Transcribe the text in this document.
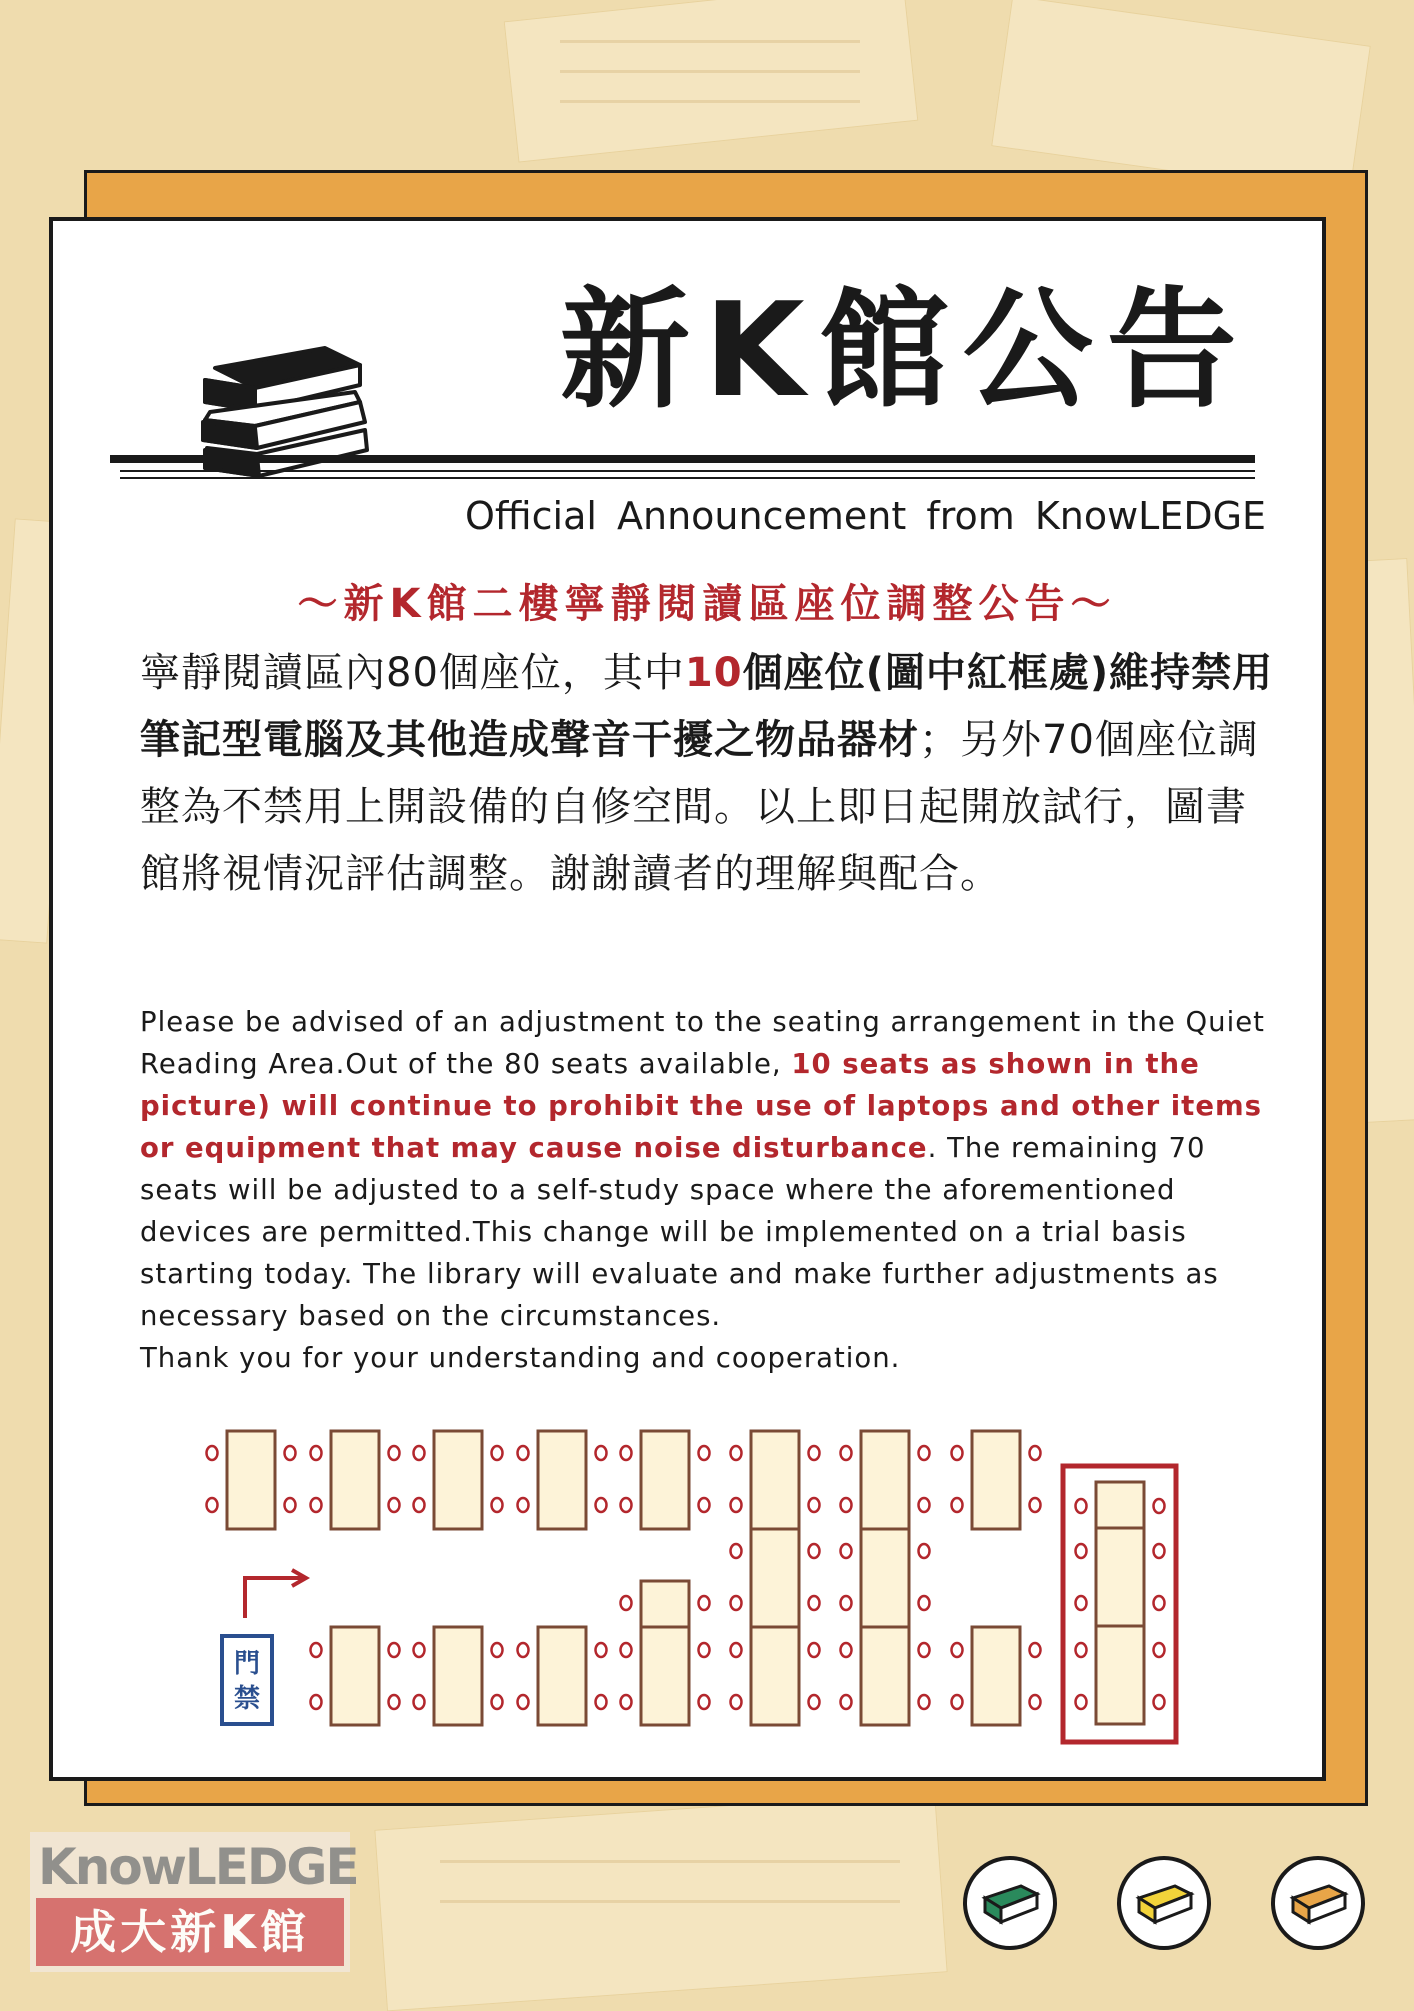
新K館公告
Official Announcement from KnowLEDGE
～新K館二樓寧靜閱讀區座位調整公告～

寧靜閱讀區內80個座位，其中10個座位(圖中紅框處)維持禁用筆記型電腦及其他造成聲音干擾之物品器材；另外70個座位調整為不禁用上開設備的自修空間。以上即日起開放試行，圖書館將視情況評估調整。謝謝讀者的理解與配合。

Please be advised of an adjustment to the seating arrangement in the Quiet Reading Area.Out of the 80 seats available, 10 seats as shown in the picture) will continue to prohibit the use of laptops and other items or equipment that may cause noise disturbance. The remaining 70 seats will be adjusted to a self-study space where the aforementioned devices are permitted.This change will be implemented on a trial basis starting today. The library will evaluate and make further adjustments as necessary based on the circumstances.
Thank you for your understanding and cooperation.

門
禁
KnowLEDGE
成大新K館
